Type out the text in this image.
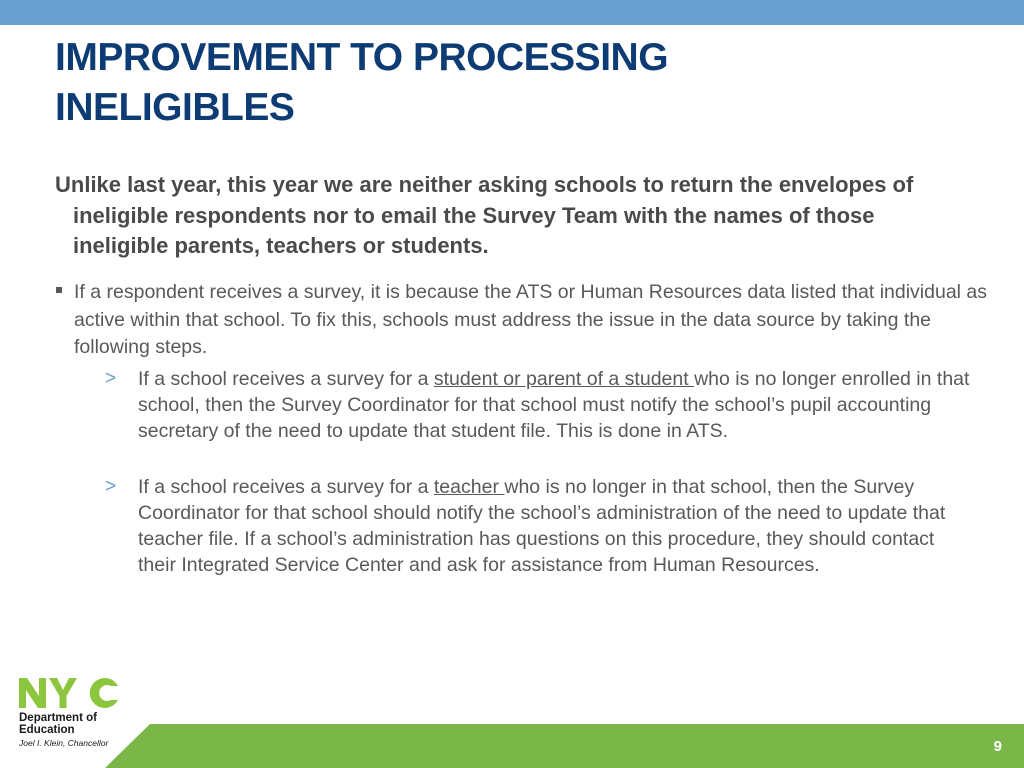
IMPROVEMENT TO PROCESSING
INELIGIBLES

Unlike last year, this year we are neither asking schools to return the envelopes of ineligible respondents nor to email the Survey Team with the names of those ineligible parents, teachers or students.

If a respondent receives a survey, it is because the ATS or Human Resources data listed that individual as active within that school. To fix this, schools must address the issue in the data source by taking the following steps.

> If a school receives a survey for a student or parent of a student who is no longer enrolled in that school, then the Survey Coordinator for that school must notify the school’s pupil accounting secretary of the need to update that student file. This is done in ATS.

> If a school receives a survey for a teacher who is no longer in that school, then the Survey Coordinator for that school should notify the school’s administration of the need to update that teacher file. If a school’s administration has questions on this procedure, they should contact their Integrated Service Center and ask for assistance from Human Resources.

Department of
Education
Joel I. Klein, Chancellor	9
